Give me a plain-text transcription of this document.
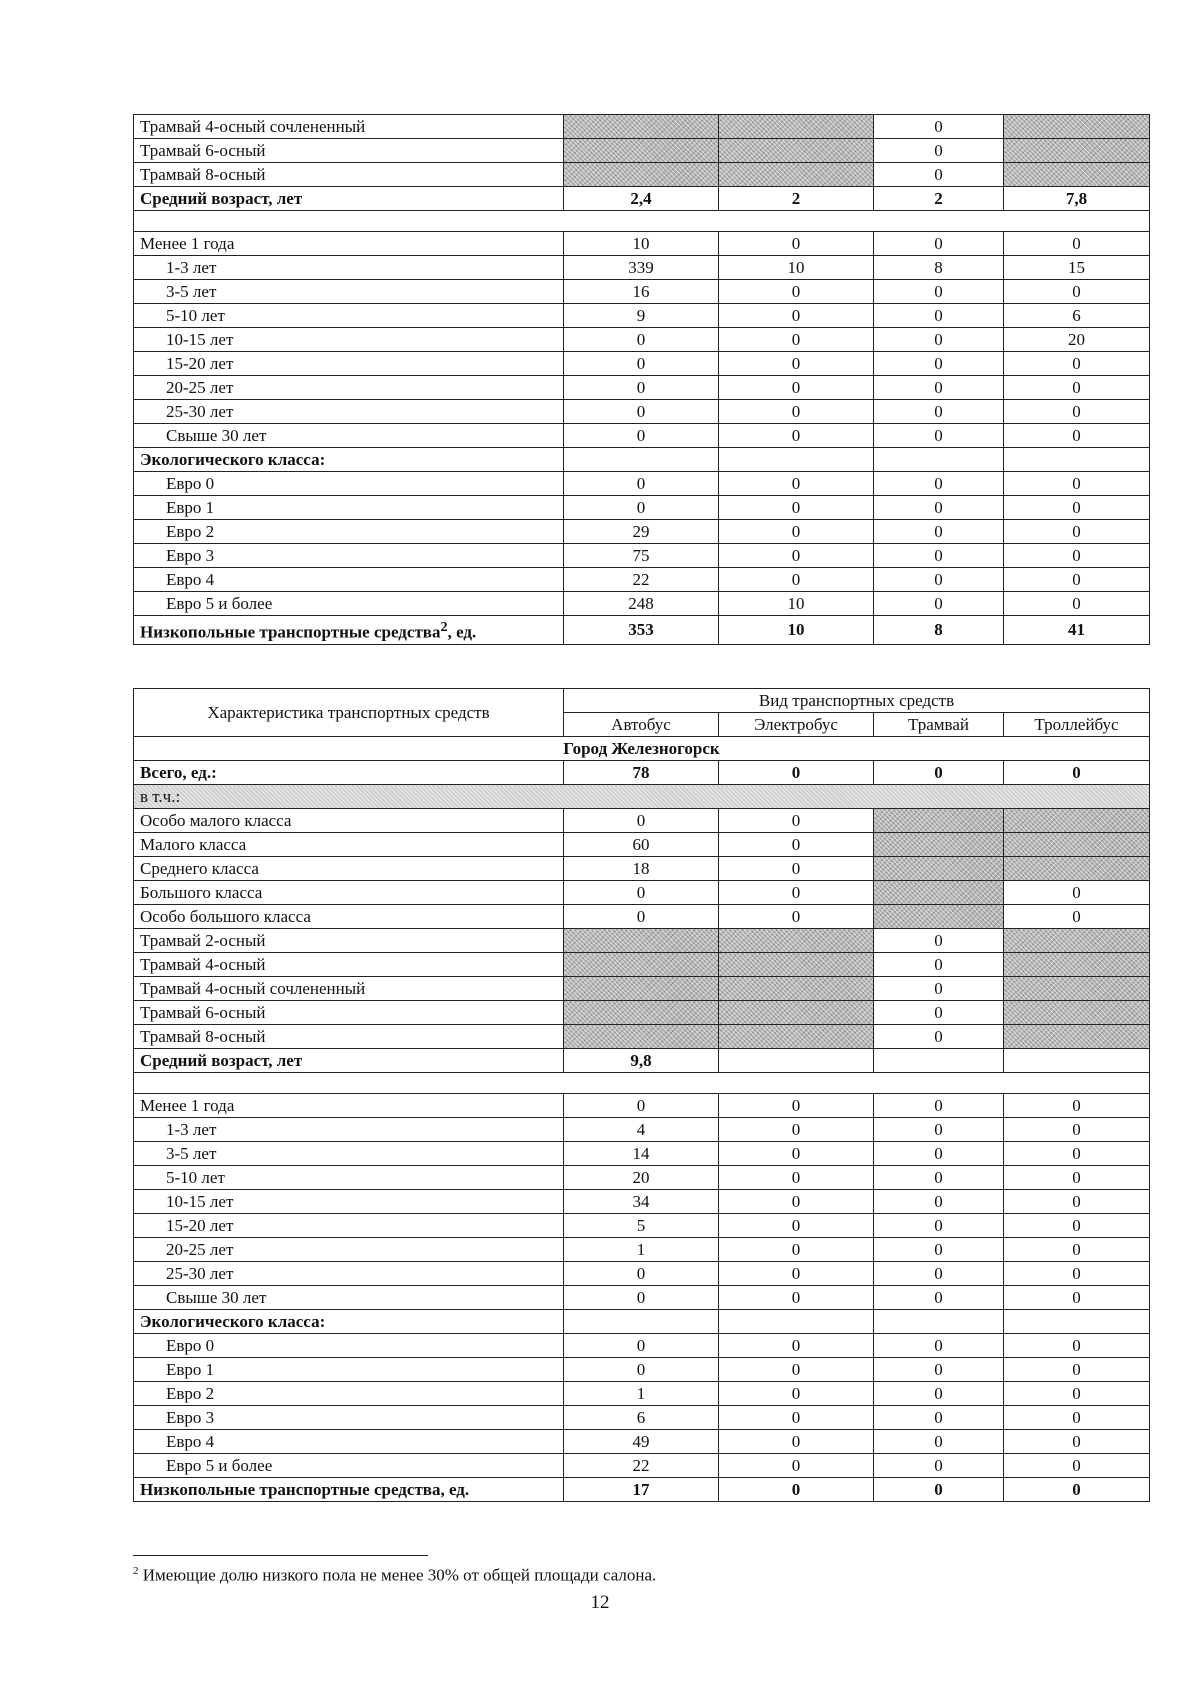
Трамвай 4-осный сочлененный			0	
Трамвай 6-осный			0	
Трамвай 8-осный			0	
Средний возраст, лет	2,4	2	2	7,8

Менее 1 года	10	0	0	0
1-3 лет	339	10	8	15
3-5 лет	16	0	0	0
5-10 лет	9	0	0	6
10-15 лет	0	0	0	20
15-20 лет	0	0	0	0
20-25 лет	0	0	0	0
25-30 лет	0	0	0	0
Свыше 30 лет	0	0	0	0
Экологического класса:				
Евро 0	0	0	0	0
Евро 1	0	0	0	0
Евро 2	29	0	0	0
Евро 3	75	0	0	0
Евро 4	22	0	0	0
Евро 5 и более	248	10	0	0
Низкопольные транспортные средства$^2$, ед.	353	10	8	41
Характеристика транспортных средств	Вид транспортных средств			
	Автобус	Электробус	Трамвай	Троллейбус
Город Железногорск				
Всего, ед.:	78	0	0	0
в т.ч.:				
Особо малого класса	0	0		
Малого класса	60	0		
Среднего класса	18	0		
Большого класса	0	0		0
Особо большого класса	0	0		0
Трамвай 2-осный			0	
Трамвай 4-осный			0	
Трамвай 4-осный сочлененный			0	
Трамвай 6-осный			0	
Трамвай 8-осный			0	
Средний возраст, лет	9,8			

Менее 1 года	0	0	0	0
1-3 лет	4	0	0	0
3-5 лет	14	0	0	0
5-10 лет	20	0	0	0
10-15 лет	34	0	0	0
15-20 лет	5	0	0	0
20-25 лет	1	0	0	0
25-30 лет	0	0	0	0
Свыше 30 лет	0	0	0	0
Экологического класса:				
Евро 0	0	0	0	0
Евро 1	0	0	0	0
Евро 2	1	0	0	0
Евро 3	6	0	0	0
Евро 4	49	0	0	0
Евро 5 и более	22	0	0	0
Низкопольные транспортные средства, ед.	17	0	0	0
$^2$ Имеющие долю низкого пола не менее 30% от общей площади салона.
12
